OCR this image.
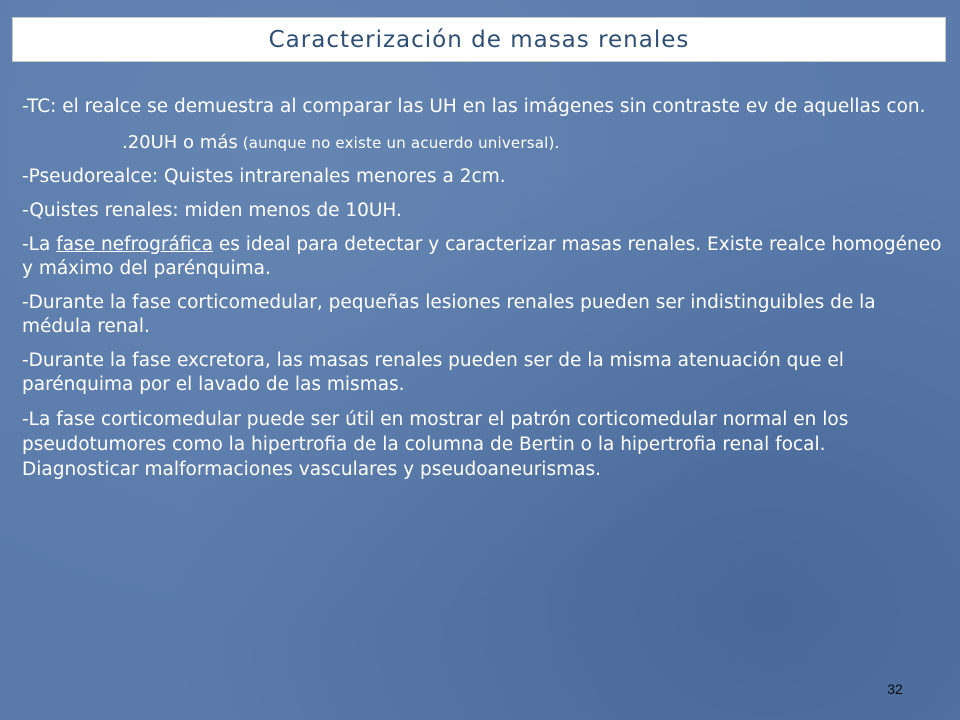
Caracterización de masas renales

-TC: el realce se demuestra al comparar las UH en las imágenes sin contraste ev de aquellas con.

.20UH o más (aunque no existe un acuerdo universal).

-Pseudorealce: Quistes intrarenales menores a 2cm.

-Quistes renales: miden menos de 10UH.

-La fase nefrográfica es ideal para detectar y caracterizar masas renales. Existe realce homogéneo y máximo del parénquima.

-Durante la fase corticomedular, pequeñas lesiones renales pueden ser indistinguibles de la médula renal.

-Durante la fase excretora, las masas renales pueden ser de la misma atenuación que el parénquima por el lavado de las mismas.

-La fase corticomedular puede ser útil en mostrar el patrón corticomedular normal en los pseudotumores como la hipertrofia de la columna de Bertin o la hipertrofia renal focal. Diagnosticar malformaciones vasculares y pseudoaneurismas.

32
